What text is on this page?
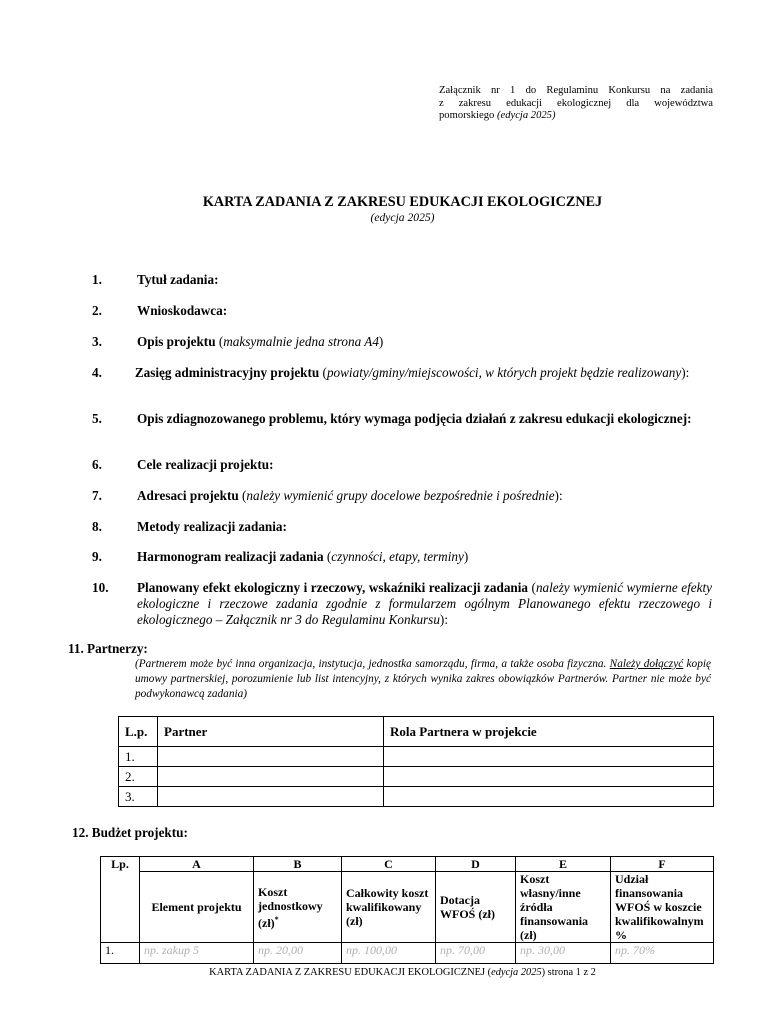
Załącznik nr 1 do Regulaminu Konkursu na zadania
z zakresu edukacji ekologicznej dla województwa
pomorskiego (edycja 2025)
KARTA ZADANIA Z ZAKRESU EDUKACJI EKOLOGICZNEJ
(edycja 2025)
1.	Tytuł zadania:
2.	Wnioskodawca:
3.	Opis projektu (maksymalnie jedna strona A4)
4. Zasięg administracyjny projektu (powiaty/gminy/miejscowości, w których projekt będzie realizowany):
5.	Opis zdiagnozowanego problemu, który wymaga podjęcia działań z zakresu edukacji ekologicznej:
6.	Cele realizacji projektu:
7.	Adresaci projektu (należy wymienić grupy docelowe bezpośrednie i pośrednie):
8.	Metody realizacji zadania:
9.	Harmonogram realizacji zadania (czynności, etapy, terminy)
10. Planowany efekt ekologiczny i rzeczowy, wskaźniki realizacji zadania (należy wymienić wymierne efekty ekologiczne i rzeczowe zadania zgodnie z formularzem ogólnym Planowanego efektu rzeczowego i ekologicznego – Załącznik nr 3 do Regulaminu Konkursu):
11. Partnerzy:
(Partnerem może być inna organizacja, instytucja, jednostka samorządu, firma, a także osoba fizyczna. Należy dołączyć kopię umowy partnerskiej, porozumienie lub list intencyjny, z których wynika zakres obowiązków Partnerów. Partner nie może być podwykonawcą zadania)
L.p.	Partner	Rola Partnera w projekcie
1.		
2.		
3.		
12. Budżet projektu:
Lp.	A	B	C	D	E	F
	Element projektu	Koszt jednostkowy (zł)*	Całkowity koszt kwalifikowany (zł)	Dotacja WFOŚ (zł)	Koszt własny/inne źródła finansowania (zł)	Udział finansowania WFOŚ w koszcie kwalifikowalnym %
1.	np. zakup 5	np. 20,00	np. 100,00	np. 70,00	np. 30,00	np. 70%
KARTA ZADANIA Z ZAKRESU EDUKACJI EKOLOGICZNEJ (edycja 2025) strona 1 z 2
